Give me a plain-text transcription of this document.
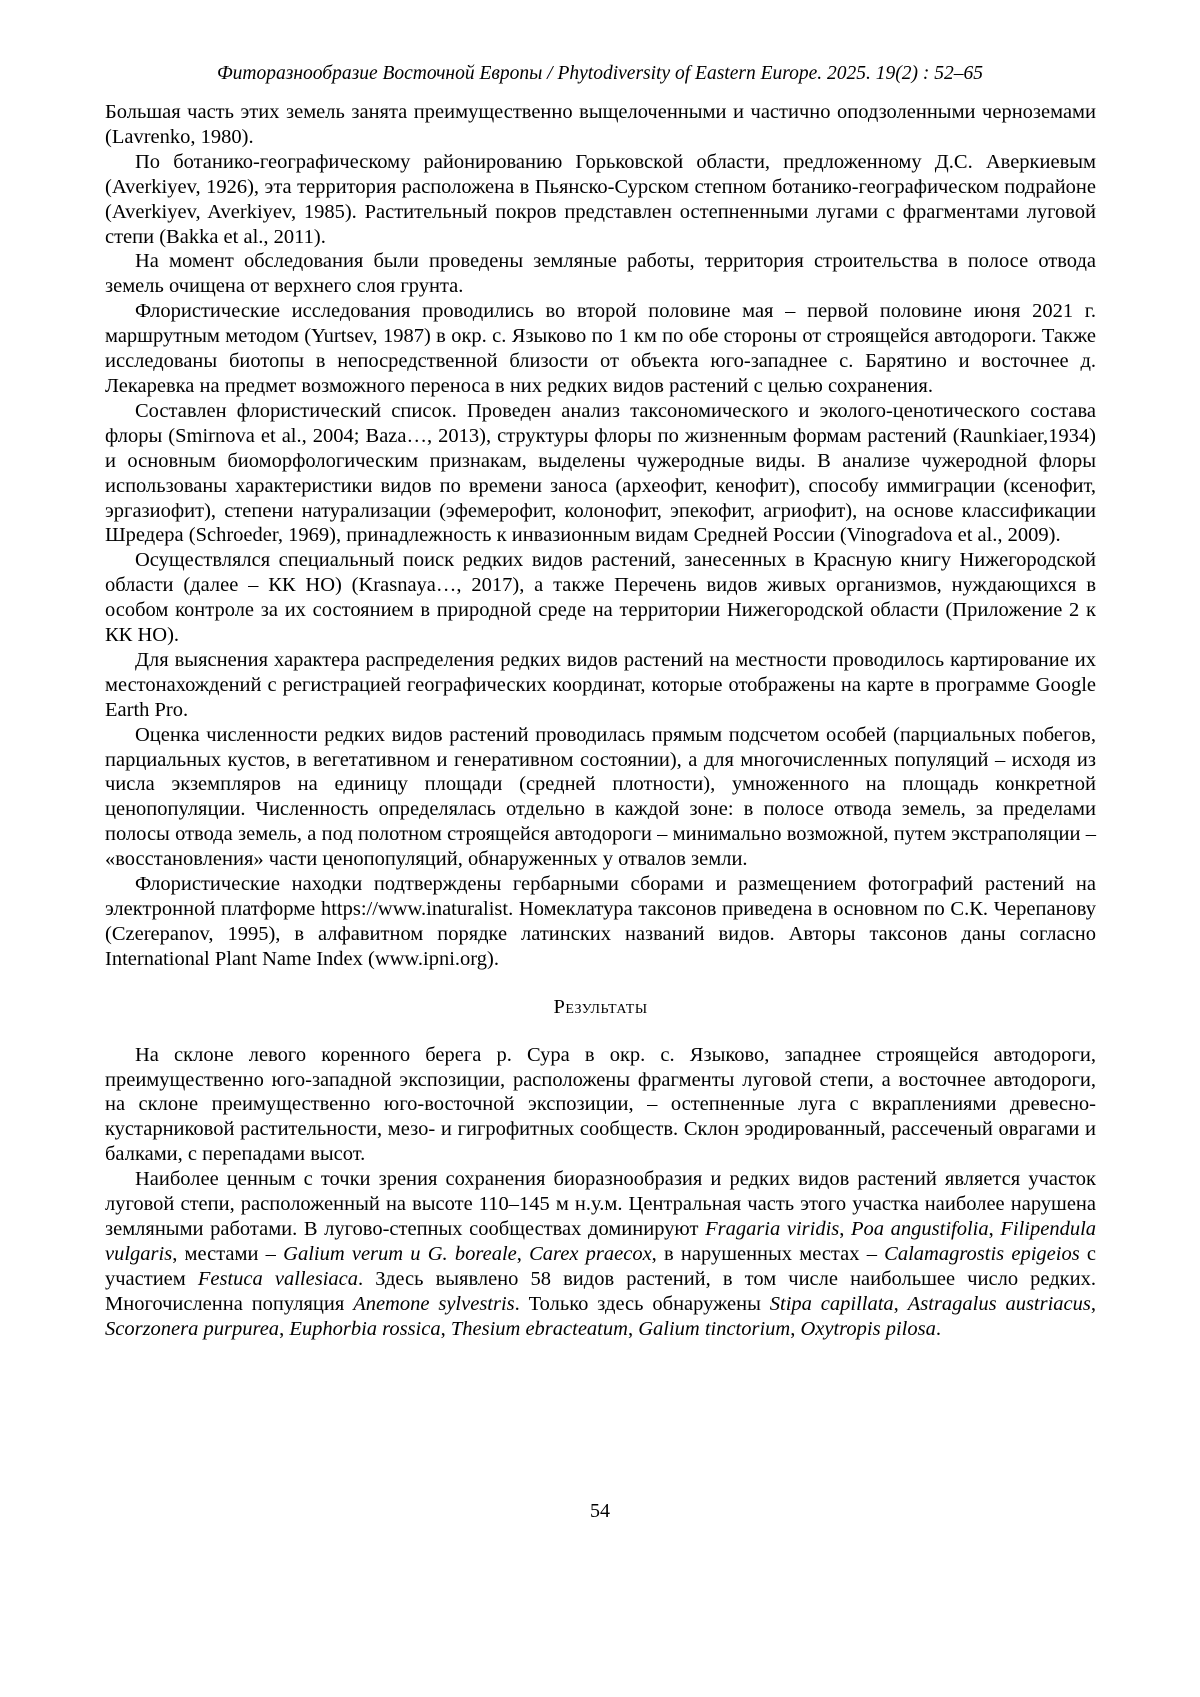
Фиторазнообразие Восточной Европы / Phytodiversity of Eastern Europe. 2025. 19(2) : 52–65

Большая часть этих земель занята преимущественно выщелоченными и частично оподзоленными черноземами (Lavrenko, 1980).

По ботанико-географическому районированию Горьковской области, предложенному Д.С. Аверкиевым (Averkiyev, 1926), эта территория расположена в Пьянско-Сурском степном ботанико-географическом подрайоне (Averkiyev, Averkiyev, 1985). Растительный покров представлен остепненными лугами с фрагментами луговой степи (Bakka et al., 2011).

На момент обследования были проведены земляные работы, территория строительства в полосе отвода земель очищена от верхнего слоя грунта.

Флористические исследования проводились во второй половине мая – первой половине июня 2021 г. маршрутным методом (Yurtsev, 1987) в окр. с. Языково по 1 км по обе стороны от строящейся автодороги. Также исследованы биотопы в непосредственной близости от объекта юго-западнее с. Барятино и восточнее д. Лекаревка на предмет возможного переноса в них редких видов растений с целью сохранения.

Составлен флористический список. Проведен анализ таксономического и эколого-ценотического состава флоры (Smirnova et al., 2004; Baza…, 2013), структуры флоры по жизненным формам растений (Raunkiaer,1934) и основным биоморфологическим признакам, выделены чужеродные виды. В анализе чужеродной флоры использованы характеристики видов по времени заноса (археофит, кенофит), способу иммиграции (ксенофит, эргазиофит), степени натурализации (эфемерофит, колонофит, эпекофит, агриофит), на основе классификации Шредера (Schroeder, 1969), принадлежность к инвазионным видам Средней России (Vinogradova et al., 2009).

Осуществлялся специальный поиск редких видов растений, занесенных в Красную книгу Нижегородской области (далее – КК НО) (Krasnaya…, 2017), а также Перечень видов живых организмов, нуждающихся в особом контроле за их состоянием в природной среде на территории Нижегородской области (Приложение 2 к КК НО).

Для выяснения характера распределения редких видов растений на местности проводилось картирование их местонахождений с регистрацией географических координат, которые отображены на карте в программе Google Earth Pro.

Оценка численности редких видов растений проводилась прямым подсчетом особей (парциальных побегов, парциальных кустов, в вегетативном и генеративном состоянии), а для многочисленных популяций – исходя из числа экземпляров на единицу площади (средней плотности), умноженного на площадь конкретной ценопопуляции. Численность определялась отдельно в каждой зоне: в полосе отвода земель, за пределами полосы отвода земель, а под полотном строящейся автодороги – минимально возможной, путем экстраполяции – «восстановления» части ценопопуляций, обнаруженных у отвалов земли.

Флористические находки подтверждены гербарными сборами и размещением фотографий растений на электронной платформе https://www.inaturalist. Номеклатура таксонов приведена в основном по С.К. Черепанову (Czerepanov, 1995), в алфавитном порядке латинских названий видов. Авторы таксонов даны согласно International Plant Name Index (www.ipni.org).

Результаты

На склоне левого коренного берега р. Сура в окр. с. Языково, западнее строящейся автодороги, преимущественно юго-западной экспозиции, расположены фрагменты луговой степи, а восточнее автодороги, на склоне преимущественно юго-восточной экспозиции, – остепненные луга с вкраплениями древесно-кустарниковой растительности, мезо- и гигрофитных сообществ. Склон эродированный, рассеченый оврагами и балками, с перепадами высот.

Наиболее ценным с точки зрения сохранения биоразнообразия и редких видов растений является участок луговой степи, расположенный на высоте 110–145 м н.у.м. Центральная часть этого участка наиболее нарушена земляными работами. В лугово-степных сообществах доминируют Fragaria viridis, Poa angustifolia, Filipendula vulgaris, местами – Galium verum и G. boreale, Carex praecox, в нарушенных местах – Calamagrostis epigeios с участием Festuca vallesiaca. Здесь выявлено 58 видов растений, в том числе наибольшее число редких. Многочисленна популяция Anemone sylvestris. Только здесь обнаружены Stipa capillata, Astragalus austriacus, Scorzonera purpurea, Euphorbia rossica, Thesium ebracteatum, Galium tinctorium, Oxytropis pilosa.

54
